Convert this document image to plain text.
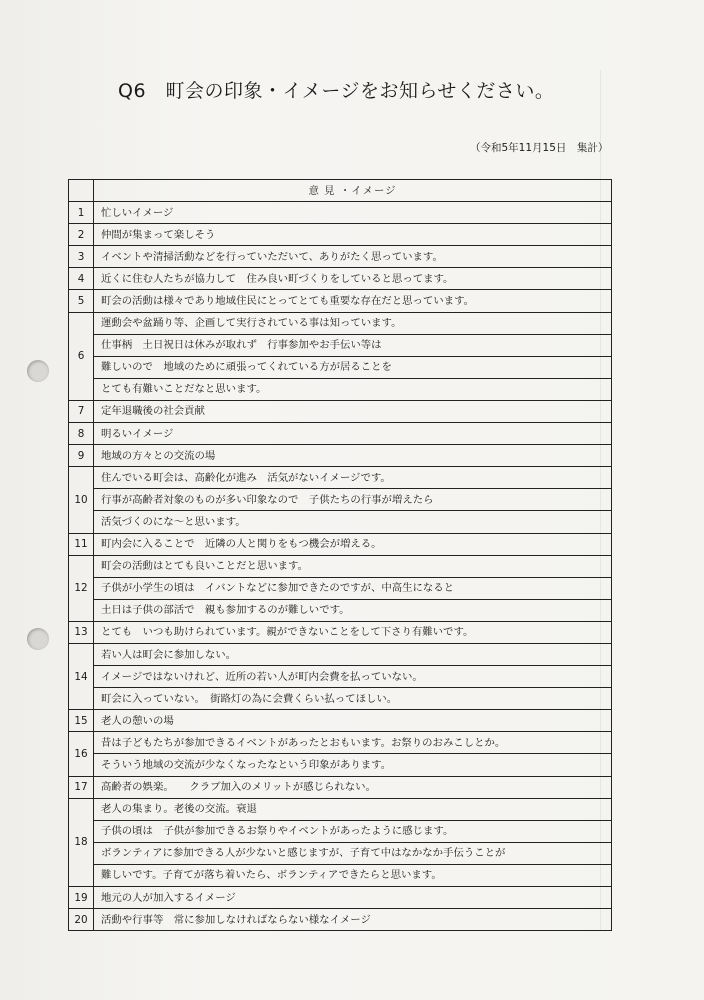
Q6　町会の印象・イメージをお知らせください。
（令和5年11月15日　集計）
	意 見 ・イメージ
1	忙しいイメージ
2	仲間が集まって楽しそう
3	イベントや清掃活動などを行っていただいて、ありがたく思っています。
4	近くに住む人たちが協力して　住み良い町づくりをしていると思ってます。
5	町会の活動は様々であり地域住民にとってとても重要な存在だと思っています。
6	運動会や盆踊り等、企画して実行されている事は知っています。
	仕事柄　土日祝日は休みが取れず　行事参加やお手伝い等は
	難しいので　地域のために頑張ってくれている方が居ることを
	とても有難いことだなと思います。
7	定年退職後の社会貢献
8	明るいイメージ
9	地域の方々との交流の場
10	住んでいる町会は、高齢化が進み　活気がないイメージです。
	行事が高齢者対象のものが多い印象なので　子供たちの行事が増えたら
	活気づくのにな〜と思います。
11	町内会に入ることで　近隣の人と関りをもつ機会が増える。
12	町会の活動はとても良いことだと思います。
	子供が小学生の頃は　イバントなどに参加できたのですが、中高生になると
	土日は子供の部活で　親も参加するのが難しいです。
13	とても　いつも助けられています。親ができないことをして下さり有難いです。
14	若い人は町会に参加しない。
	イメージではないけれど、近所の若い人が町内会費を払っていない。
	町会に入っていない。　街路灯の為に会費くらい払ってほしい。
15	老人の憩いの場
16	昔は子どもたちが参加できるイベントがあったとおもいます。お祭りのおみこしとか。
	そういう地域の交流が少なくなったなという印象があります。
17	高齢者の娯楽。　　クラブ加入のメリットが感じられない。
18	老人の集まり。老後の交流。衰退
	子供の頃は　子供が参加できるお祭りやイベントがあったように感じます。
	ボランティアに参加できる人が少ないと感じますが、子育て中はなかなか手伝うことが
	難しいです。子育てが落ち着いたら、ボランティアできたらと思います。
19	地元の人が加入するイメージ
20	活動や行事等　常に参加しなければならない様なイメージ
